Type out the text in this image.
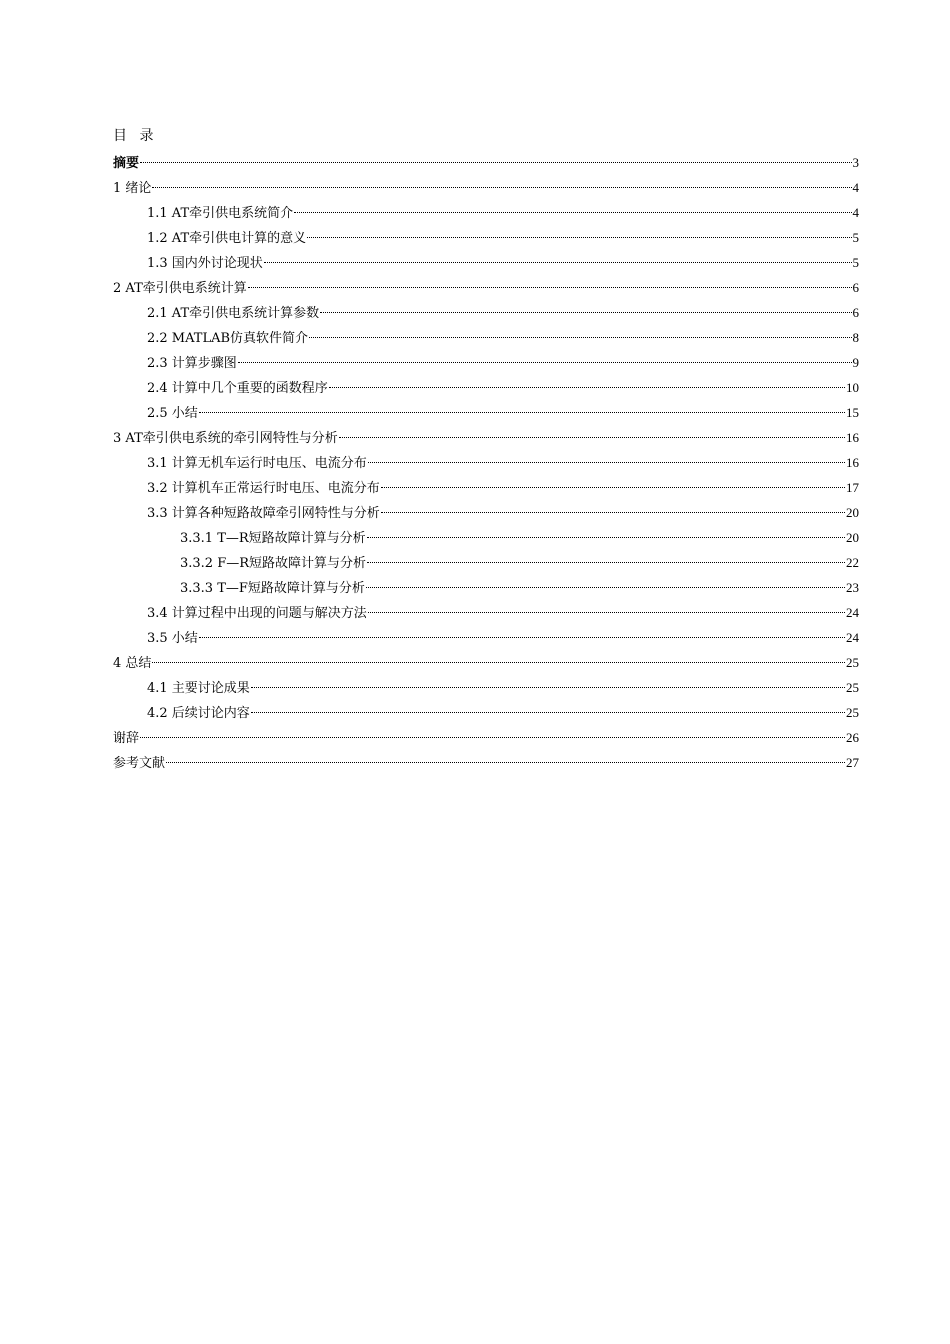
目 录
摘要	3
1 绪论	4
1.1 AT牵引供电系统简介	4
1.2 AT牵引供电计算的意义	5
1.3 国内外讨论现状	5
2 AT牵引供电系统计算	6
2.1 AT牵引供电系统计算参数	6
2.2 MATLAB仿真软件简介	8
2.3 计算步骤图	9
2.4 计算中几个重要的函数程序	10
2.5 小结	15
3 AT牵引供电系统的牵引网特性与分析	16
3.1 计算无机车运行时电压、电流分布	16
3.2 计算机车正常运行时电压、电流分布	17
3.3 计算各种短路故障牵引网特性与分析	20
3.3.1 T—R短路故障计算与分析	20
3.3.2 F—R短路故障计算与分析	22
3.3.3 T—F短路故障计算与分析	23
3.4 计算过程中出现的问题与解决方法	24
3.5 小结	24
4 总结	25
4.1 主要讨论成果	25
4.2 后续讨论内容	25
谢辞	26
参考文献	27
